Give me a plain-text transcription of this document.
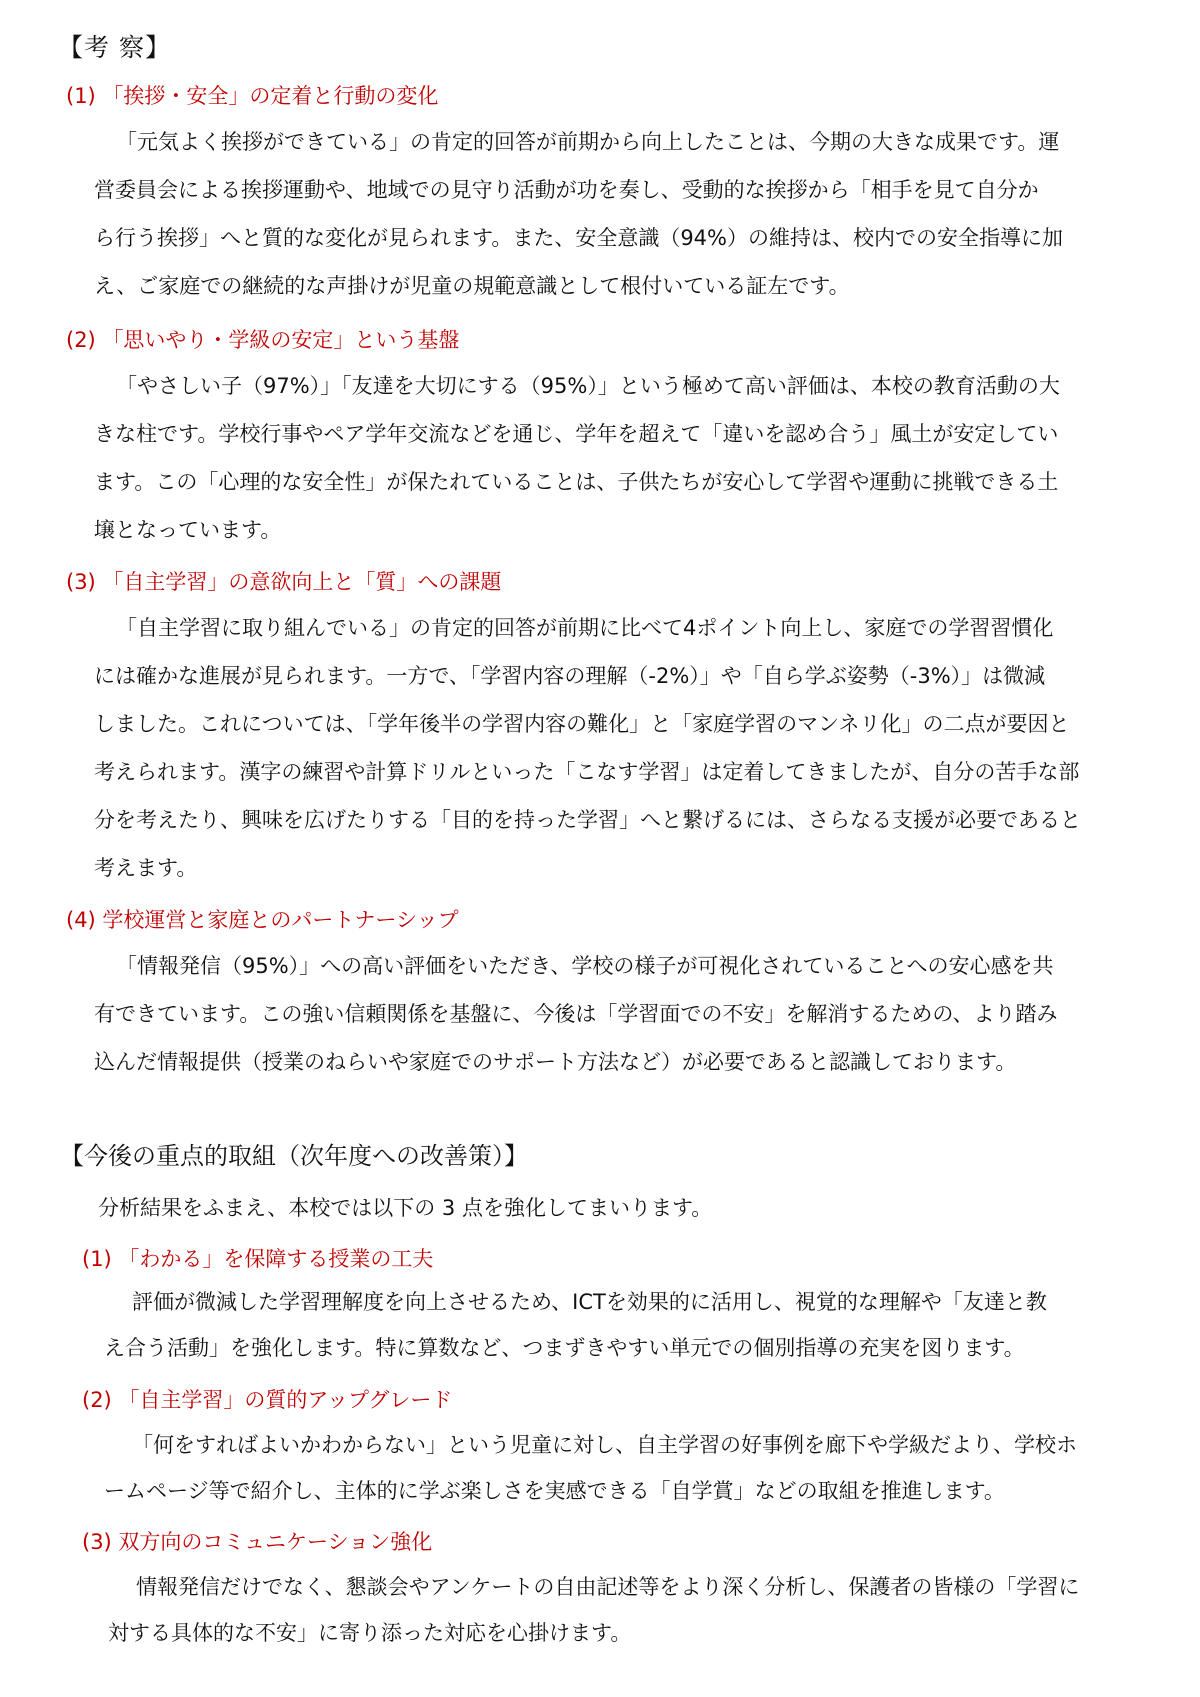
【考 察】
(1) 「挨拶・安全」の定着と行動の変化
「元気よく挨拶ができている」の肯定的回答が前期から向上したことは、今期の大きな成果です。運
営委員会による挨拶運動や、地域での見守り活動が功を奏し、受動的な挨拶から「相手を見て自分か
ら行う挨拶」へと質的な変化が見られます。また、安全意識（94%）の維持は、校内での安全指導に加
え、ご家庭での継続的な声掛けが児童の規範意識として根付いている証左です。
(2) 「思いやり・学級の安定」という基盤
「やさしい子（97%）」「友達を大切にする（95%）」という極めて高い評価は、本校の教育活動の大
きな柱です。学校行事やペア学年交流などを通じ、学年を超えて「違いを認め合う」風土が安定してい
ます。この「心理的な安全性」が保たれていることは、子供たちが安心して学習や運動に挑戦できる土
壌となっています。
(3) 「自主学習」の意欲向上と「質」への課題
「自主学習に取り組んでいる」の肯定的回答が前期に比べて4ポイント向上し、家庭での学習習慣化
には確かな進展が見られます。一方で、「学習内容の理解（-2%）」や「自ら学ぶ姿勢（-3%）」は微減
しました。これについては、「学年後半の学習内容の難化」と「家庭学習のマンネリ化」の二点が要因と
考えられます。漢字の練習や計算ドリルといった「こなす学習」は定着してきましたが、自分の苦手な部
分を考えたり、興味を広げたりする「目的を持った学習」へと繋げるには、さらなる支援が必要であると
考えます。
(4) 学校運営と家庭とのパートナーシップ
「情報発信（95%）」への高い評価をいただき、学校の様子が可視化されていることへの安心感を共
有できています。この強い信頼関係を基盤に、今後は「学習面での不安」を解消するための、より踏み
込んだ情報提供（授業のねらいや家庭でのサポート方法など）が必要であると認識しております。
【今後の重点的取組（次年度への改善策）】
分析結果をふまえ、本校では以下の 3 点を強化してまいります。
(1) 「わかる」を保障する授業の工夫
評価が微減した学習理解度を向上させるため、ICTを効果的に活用し、視覚的な理解や「友達と教
え合う活動」を強化します。特に算数など、つまずきやすい単元での個別指導の充実を図ります。
(2) 「自主学習」の質的アップグレード
「何をすればよいかわからない」という児童に対し、自主学習の好事例を廊下や学級だより、学校ホ
ームページ等で紹介し、主体的に学ぶ楽しさを実感できる「自学賞」などの取組を推進します。
(3) 双方向のコミュニケーション強化
情報発信だけでなく、懇談会やアンケートの自由記述等をより深く分析し、保護者の皆様の「学習に
対する具体的な不安」に寄り添った対応を心掛けます。
